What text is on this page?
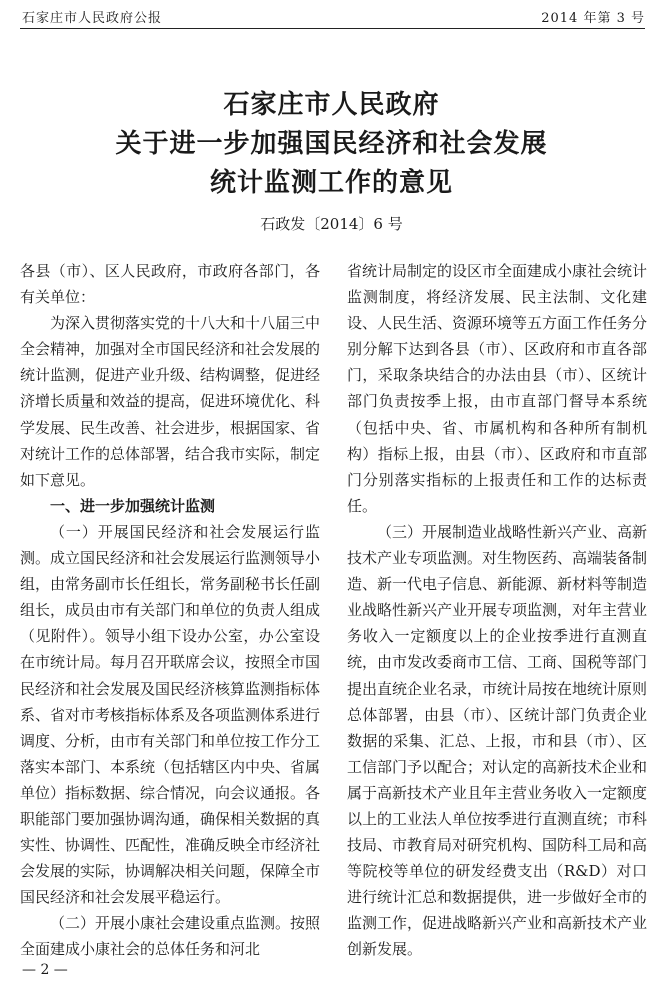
石家庄市人民政府公报	2014 年第 3 号
石家庄市人民政府
关于进一步加强国民经济和社会发展
统计监测工作的意见
石政发〔2014〕6 号

各县（市）、区人民政府，市政府各部门，各有关单位：

为深入贯彻落实党的十八大和十八届三中全会精神，加强对全市国民经济和社会发展的统计监测，促进产业升级、结构调整，促进经济增长质量和效益的提高，促进环境优化、科学发展、民生改善、社会进步，根据国家、省对统计工作的总体部署，结合我市实际，制定如下意见。

一、进一步加强统计监测

（一）开展国民经济和社会发展运行监测。成立国民经济和社会发展运行监测领导小组，由常务副市长任组长，常务副秘书长任副组长，成员由市有关部门和单位的负责人组成（见附件）。领导小组下设办公室，办公室设在市统计局。每月召开联席会议，按照全市国民经济和社会发展及国民经济核算监测指标体系、省对市考核指标体系及各项监测体系进行调度、分析，由市有关部门和单位按工作分工落实本部门、本系统（包括辖区内中央、省属单位）指标数据、综合情况，向会议通报。各职能部门要加强协调沟通，确保相关数据的真实性、协调性、匹配性，准确反映全市经济社会发展的实际，协调解决相关问题，保障全市国民经济和社会发展平稳运行。

（二）开展小康社会建设重点监测。按照全面建成小康社会的总体任务和河北

省统计局制定的设区市全面建成小康社会统计监测制度，将经济发展、民主法制、文化建设、人民生活、资源环境等五方面工作任务分别分解下达到各县（市）、区政府和市直各部门，采取条块结合的办法由县（市）、区统计部门负责按季上报，由市直部门督导本系统（包括中央、省、市属机构和各种所有制机构）指标上报，由县（市）、区政府和市直部门分别落实指标的上报责任和工作的达标责任。

（三）开展制造业战略性新兴产业、高新技术产业专项监测。对生物医药、高端装备制造、新一代电子信息、新能源、新材料等制造业战略性新兴产业开展专项监测，对年主营业务收入一定额度以上的企业按季进行直测直统，由市发改委商市工信、工商、国税等部门提出直统企业名录，市统计局按在地统计原则总体部署，由县（市）、区统计部门负责企业数据的采集、汇总、上报，市和县（市）、区工信部门予以配合；对认定的高新技术企业和属于高新技术产业且年主营业务收入一定额度以上的工业法人单位按季进行直测直统；市科技局、市教育局对研究机构、国防科工局和高等院校等单位的研发经费支出（R&D）对口进行统计汇总和数据提供，进一步做好全市的监测工作，促进战略新兴产业和高新技术产业创新发展。

— 2 —
